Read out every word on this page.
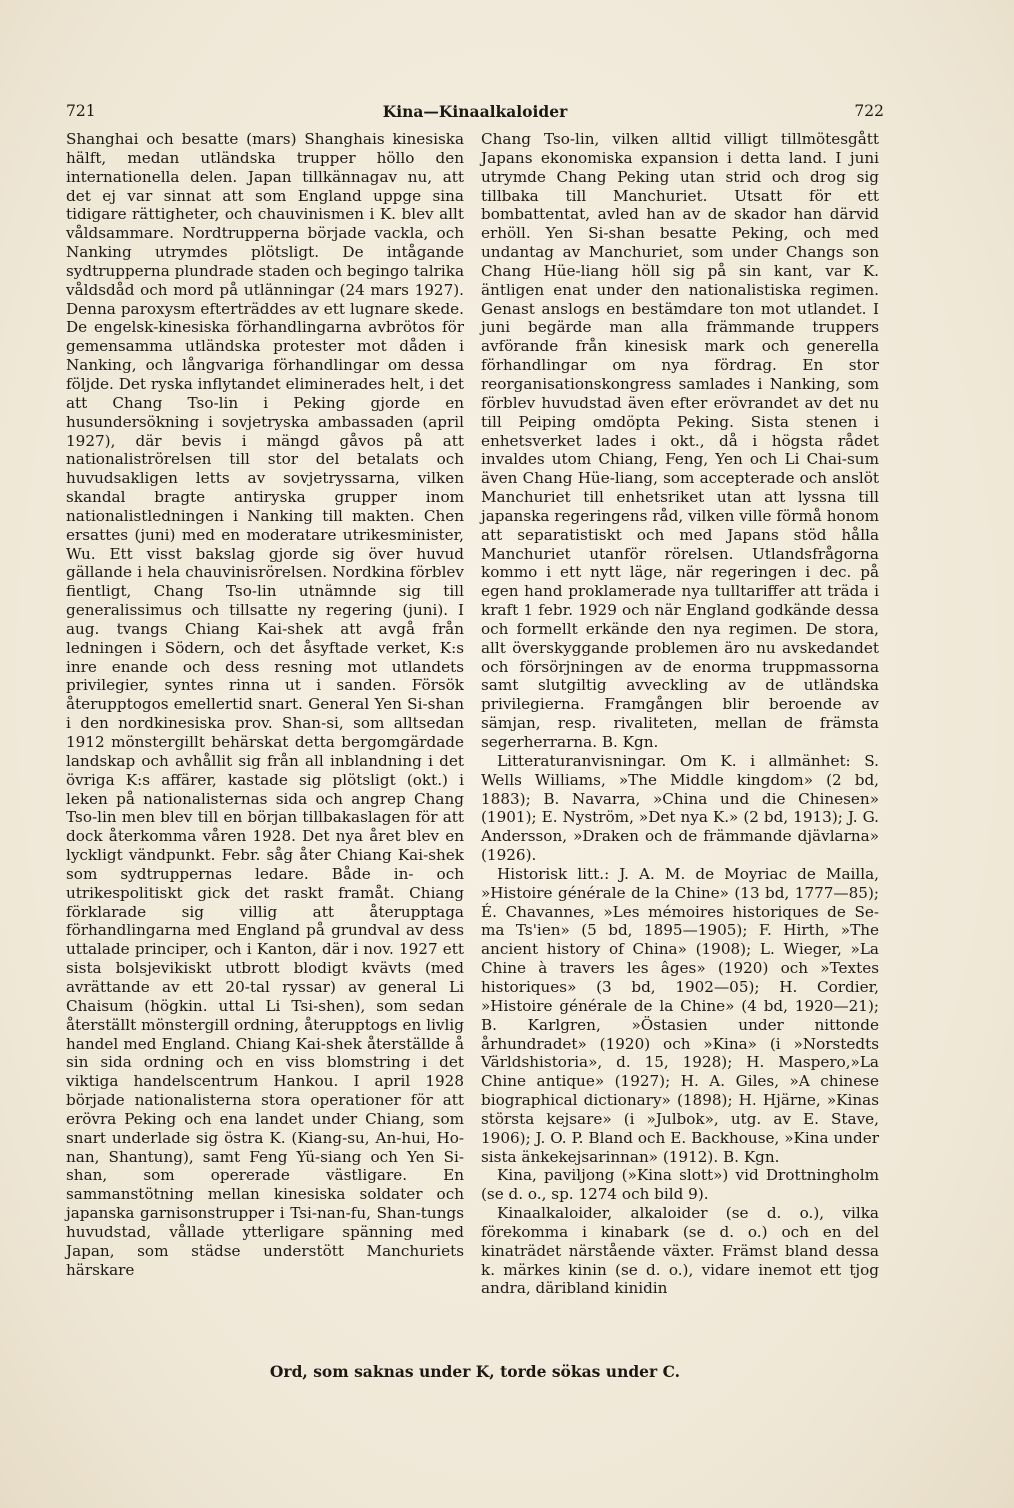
721	Kina—Kinaalkaloider	722

Shanghai och besatte (mars) Shanghais kinesiska hälft, medan utländska trupper höllo den internationella delen. Japan tillkännagav nu, att det ej var sinnat att som England uppge sina tidigare rättigheter, och chauvinismen i K. blev allt våldsammare. Nordtrupperna började vackla, och Nanking utrymdes plötsligt. De intågande sydtrupperna plundrade staden och begingo talrika våldsdåd och mord på utlänningar (24 mars 1927). Denna paroxysm efterträddes av ett lugnare skede. De engelsk-kinesiska förhandlingarna avbrötos för gemensamma utländska protester mot dåden i Nanking, och långvariga förhandlingar om dessa följde. Det ryska inflytandet eliminerades helt, i det att Chang Tso-lin i Peking gjorde en husundersökning i sovjetryska ambassaden (april 1927), där bevis i mängd gåvos på att nationaliströrelsen till stor del betalats och huvudsakligen letts av sovjetryssarna, vilken skandal bragte antiryska grupper inom nationalistledningen i Nanking till makten. Chen ersattes (juni) med en moderatare utrikesminister, Wu. Ett visst bakslag gjorde sig över huvud gällande i hela chauvinisrörelsen. Nordkina förblev fientligt, Chang Tso-lin utnämnde sig till generalissimus och tillsatte ny regering (juni). I aug. tvangs Chiang Kai-shek att avgå från ledningen i Södern, och det åsyftade verket, K:s inre enande och dess resning mot utlandets privilegier, syntes rinna ut i sanden. Försök återupptogos emellertid snart. General Yen Si-shan i den nordkinesiska prov. Shan-si, som alltsedan 1912 mönstergillt behärskat detta bergomgärdade landskap och avhållit sig från all inblandning i det övriga K:s affärer, kastade sig plötsligt (okt.) i leken på nationalisternas sida och angrep Chang Tso-lin men blev till en början tillbakaslagen för att dock återkomma våren 1928. Det nya året blev en lyckligt vändpunkt. Febr. såg åter Chiang Kai-shek som sydtruppernas ledare. Både in- och utrikespolitiskt gick det raskt framåt. Chiang förklarade sig villig att återupptaga förhandlingarna med England på grundval av dess uttalade principer, och i Kanton, där i nov. 1927 ett sista bolsjevikiskt utbrott blodigt kvävts (med avrättande av ett 20-tal ryssar) av general Li Chaisum (högkin. uttal Li Tsi-shen), som sedan återställt mönstergill ordning, återupptogs en livlig handel med England. Chiang Kai-shek återställde å sin sida ordning och en viss blomstring i det viktiga handelscentrum Hankou. I april 1928 började nationalisterna stora operationer för att erövra Peking och ena landet under Chiang, som snart underlade sig östra K. (Kiang-su, An-hui, Ho-nan, Shantung), samt Feng Yü-siang och Yen Si-shan, som opererade västligare. En sammanstötning mellan kinesiska soldater och japanska garnisonstrupper i Tsi-nan-fu, Shan-tungs huvudstad, vållade ytterligare spänning med Japan, som städse understött Manchuriets härskare

Chang Tso-lin, vilken alltid villigt tillmötesgått Japans ekonomiska expansion i detta land. I juni utrymde Chang Peking utan strid och drog sig tillbaka till Manchuriet. Utsatt för ett bombattentat, avled han av de skador han därvid erhöll. Yen Si-shan besatte Peking, och med undantag av Manchuriet, som under Changs son Chang Hüe-liang höll sig på sin kant, var K. äntligen enat under den nationalistiska regimen. Genast anslogs en bestämdare ton mot utlandet. I juni begärde man alla främmande truppers avförande från kinesisk mark och generella förhandlingar om nya fördrag. En stor reorganisationskongress samlades i Nanking, som förblev huvudstad även efter erövrandet av det nu till Peiping omdöpta Peking. Sista stenen i enhetsverket lades i okt., då i högsta rådet invaldes utom Chiang, Feng, Yen och Li Chai-sum även Chang Hüe-liang, som accepterade och anslöt Manchuriet till enhetsriket utan att lyssna till japanska regeringens råd, vilken ville förmå honom att separatistiskt och med Japans stöd hålla Manchuriet utanför rörelsen. Utlandsfrågorna kommo i ett nytt läge, när regeringen i dec. på egen hand proklamerade nya tulltariffer att träda i kraft 1 febr. 1929 och när England godkände dessa och formellt erkände den nya regimen. De stora, allt överskyggande problemen äro nu avskedandet och försörjningen av de enorma truppmassorna samt slutgiltig avveckling av de utländska privilegierna. Framgången blir beroende av sämjan, resp. rivaliteten, mellan de främsta segerherrarna. B. Kgn.

Litteraturanvisningar. Om K. i allmänhet: S. Wells Williams, »The Middle kingdom» (2 bd, 1883); B. Navarra, »China und die Chinesen» (1901); E. Nyström, »Det nya K.» (2 bd, 1913); J. G. Andersson, »Draken och de främmande djävlarna» (1926).

Historisk litt.: J. A. M. de Moyriac de Mailla, »Histoire générale de la Chine» (13 bd, 1777—85); É. Chavannes, »Les mémoires historiques de Se-ma Ts'ien» (5 bd, 1895—1905); F. Hirth, »The ancient history of China» (1908); L. Wieger, »La Chine à travers les âges» (1920) och »Textes historiques» (3 bd, 1902—05); H. Cordier, »Histoire générale de la Chine» (4 bd, 1920—21); B. Karlgren, »Östasien under nittonde århundradet» (1920) och »Kina» (i »Norstedts Världshistoria», d. 15, 1928); H. Maspero,»La Chine antique» (1927); H. A. Giles, »A chinese biographical dictionary» (1898); H. Hjärne, »Kinas största kejsare» (i »Julbok», utg. av E. Stave, 1906); J. O. P. Bland och E. Backhouse, »Kina under sista änkekejsarinnan» (1912). B. Kgn.

Kina, paviljong (»Kina slott») vid Drottningholm (se d. o., sp. 1274 och bild 9).

Kinaalkaloider, alkaloider (se d. o.), vilka förekomma i kinabark (se d. o.) och en del kinaträdet närstående växter. Främst bland dessa k. märkes kinin (se d. o.), vidare inemot ett tjog andra, däribland kinidin

Ord, som saknas under K, torde sökas under C.
